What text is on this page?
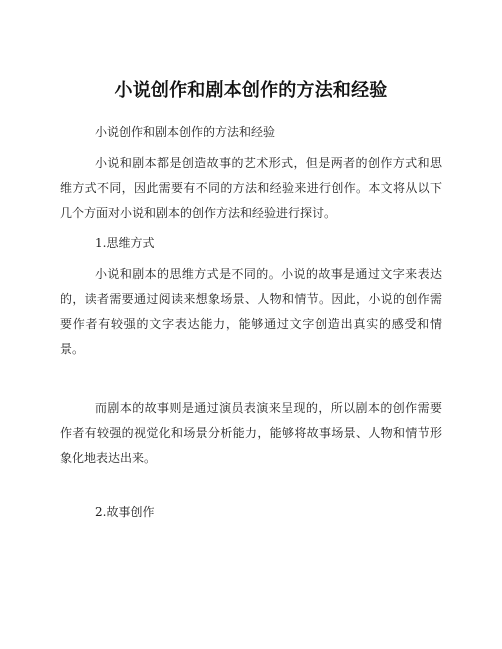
小说创作和剧本创作的方法和经验
小说创作和剧本创作的方法和经验

小说和剧本都是创造故事的艺术形式，但是两者的创作方式和思维方式不同，因此需要有不同的方法和经验来进行创作。本文将从以下几个方面对小说和剧本的创作方法和经验进行探讨。

1.思维方式

小说和剧本的思维方式是不同的。小说的故事是通过文字来表达的，读者需要通过阅读来想象场景、人物和情节。因此，小说的创作需要作者有较强的文字表达能力，能够通过文字创造出真实的感受和情景。

而剧本的故事则是通过演员表演来呈现的，所以剧本的创作需要作者有较强的视觉化和场景分析能力，能够将故事场景、人物和情节形象化地表达出来。

2.故事创作
